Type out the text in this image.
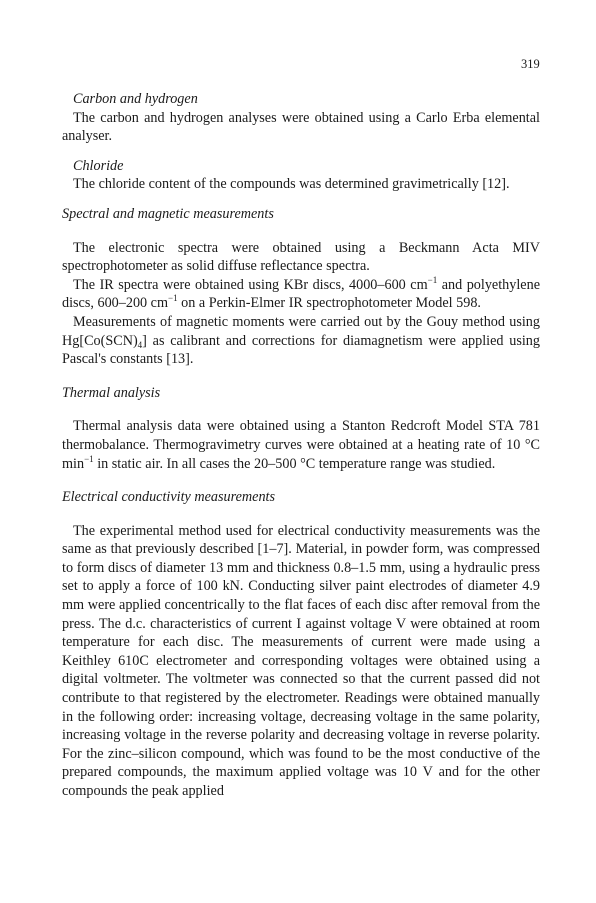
319

Carbon and hydrogen

The carbon and hydrogen analyses were obtained using a Carlo Erba elemental analyser.

Chloride

The chloride content of the compounds was determined gravimetrically [12].

Spectral and magnetic measurements

The electronic spectra were obtained using a Beckmann Acta MIV spectrophotometer as solid diffuse reflectance spectra.

The IR spectra were obtained using KBr discs, 4000–600 $cm^{-1}$ and polyethylene discs, 600–200 $cm^{-1}$ on a Perkin-Elmer IR spectrophotometer Model 598.

Measurements of magnetic moments were carried out by the Gouy method using $Hg[Co(SCN)_4]$ as calibrant and corrections for diamagnetism were applied using Pascal's constants [13].

Thermal analysis

Thermal analysis data were obtained using a Stanton Redcroft Model STA 781 thermobalance. Thermogravimetry curves were obtained at a heating rate of 10 °C $\min^{-1}$ in static air. In all cases the 20–500 °C temperature range was studied.

Electrical conductivity measurements

The experimental method used for electrical conductivity measurements was the same as that previously described [1–7]. Material, in powder form, was compressed to form discs of diameter 13 mm and thickness 0.8–1.5 mm, using a hydraulic press set to apply a force of 100 kN. Conducting silver paint electrodes of diameter 4.9 mm were applied concentrically to the flat faces of each disc after removal from the press. The d.c. characteristics of current I against voltage V were obtained at room temperature for each disc. The measurements of current were made using a Keithley 610C electrometer and corresponding voltages were obtained using a digital voltmeter. The voltmeter was connected so that the current passed did not contribute to that registered by the electrometer. Readings were obtained manually in the following order: increasing voltage, decreasing voltage in the same polarity, increasing voltage in the reverse polarity and decreasing voltage in reverse polarity. For the zinc–silicon compound, which was found to be the most conductive of the prepared compounds, the maximum applied voltage was 10 V and for the other compounds the peak applied
